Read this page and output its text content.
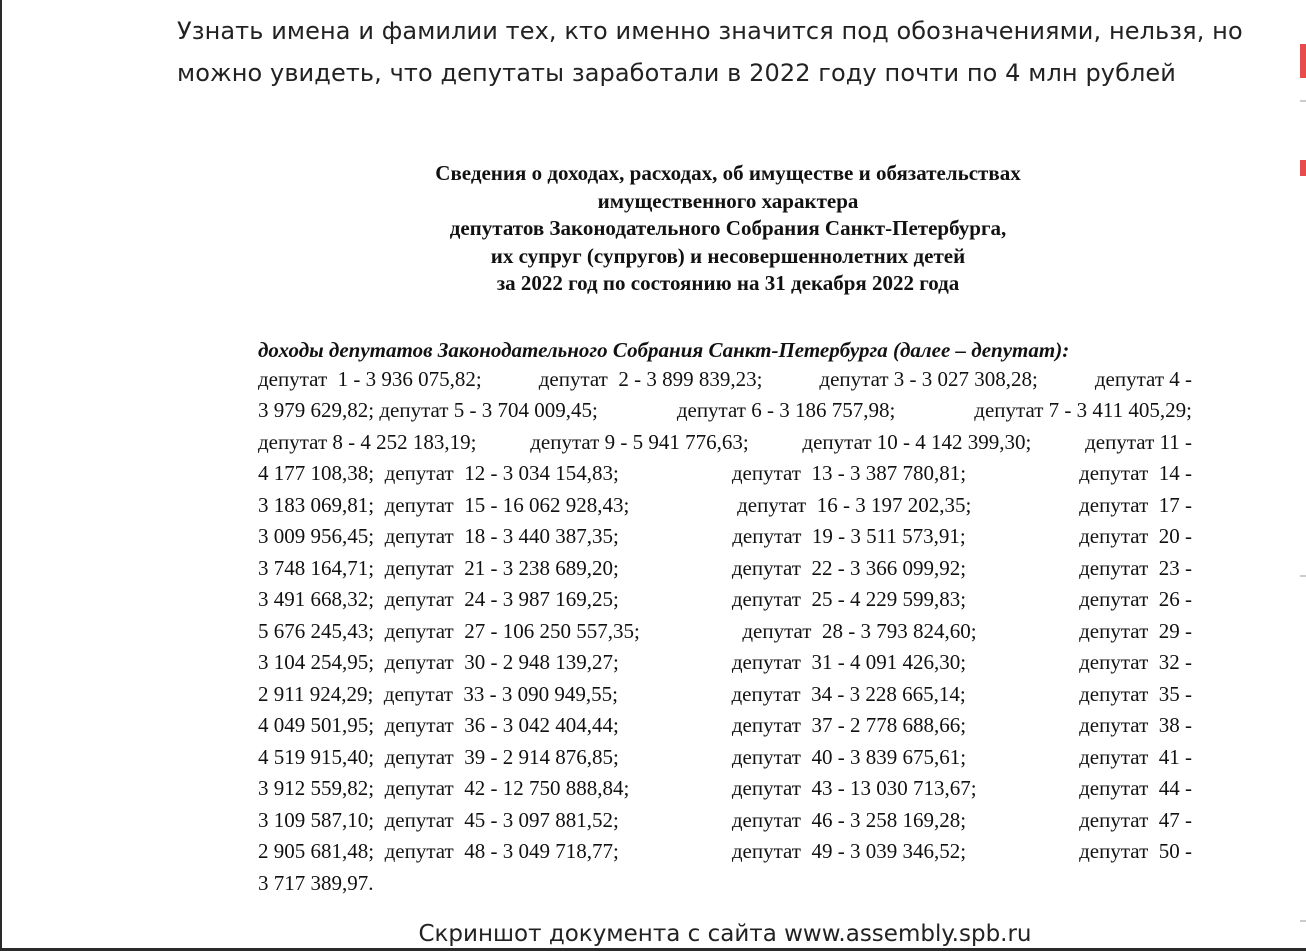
Узнать имена и фамилии тех, кто именно значится под обозначениями, нельзя, но
можно увидеть, что депутаты заработали в 2022 году почти по 4 млн рублей
Сведения о доходах, расходах, об имуществе и обязательствах
имущественного характера
депутатов Законодательного Собрания Санкт-Петербурга,
их супруг (супругов) и несовершеннолетних детей
за 2022 год по состоянию на 31 декабря 2022 года
доходы депутатов Законодательного Собрания Санкт-Петербурга (далее – депутат):
депутат  1 - 3 936 075,82;	депутат  2 - 3 899 839,23;	депутат 3 - 3 027 308,28;	депутат 4 -
3 979 629,82; депутат 5 - 3 704 009,45;	депутат 6 - 3 186 757,98;	депутат 7 - 3 411 405,29;
депутат 8 - 4 252 183,19;	депутат 9 - 5 941 776,63;	депутат 10 - 4 142 399,30;	депутат 11 -
4 177 108,38;  депутат  12 - 3 034 154,83;	депутат  13 - 3 387 780,81;	депутат  14 -
3 183 069,81;  депутат  15 - 16 062 928,43;	депутат  16 - 3 197 202,35;	депутат  17 -
3 009 956,45;  депутат  18 - 3 440 387,35;	депутат  19 - 3 511 573,91;	депутат  20 -
3 748 164,71;  депутат  21 - 3 238 689,20;	депутат  22 - 3 366 099,92;	депутат  23 -
3 491 668,32;  депутат  24 - 3 987 169,25;	депутат  25 - 4 229 599,83;	депутат  26 -
5 676 245,43;  депутат  27 - 106 250 557,35;	депутат  28 - 3 793 824,60;	депутат  29 -
3 104 254,95;  депутат  30 - 2 948 139,27;	депутат  31 - 4 091 426,30;	депутат  32 -
2 911 924,29;  депутат  33 - 3 090 949,55;	депутат  34 - 3 228 665,14;	депутат  35 -
4 049 501,95;  депутат  36 - 3 042 404,44;	депутат  37 - 2 778 688,66;	депутат  38 -
4 519 915,40;  депутат  39 - 2 914 876,85;	депутат  40 - 3 839 675,61;	депутат  41 -
3 912 559,82;  депутат  42 - 12 750 888,84;	депутат  43 - 13 030 713,67;	депутат  44 -
3 109 587,10;  депутат  45 - 3 097 881,52;	депутат  46 - 3 258 169,28;	депутат  47 -
2 905 681,48;  депутат  48 - 3 049 718,77;	депутат  49 - 3 039 346,52;	депутат  50 -
3 717 389,97.
Скриншот документа с сайта www.assembly.spb.ru
